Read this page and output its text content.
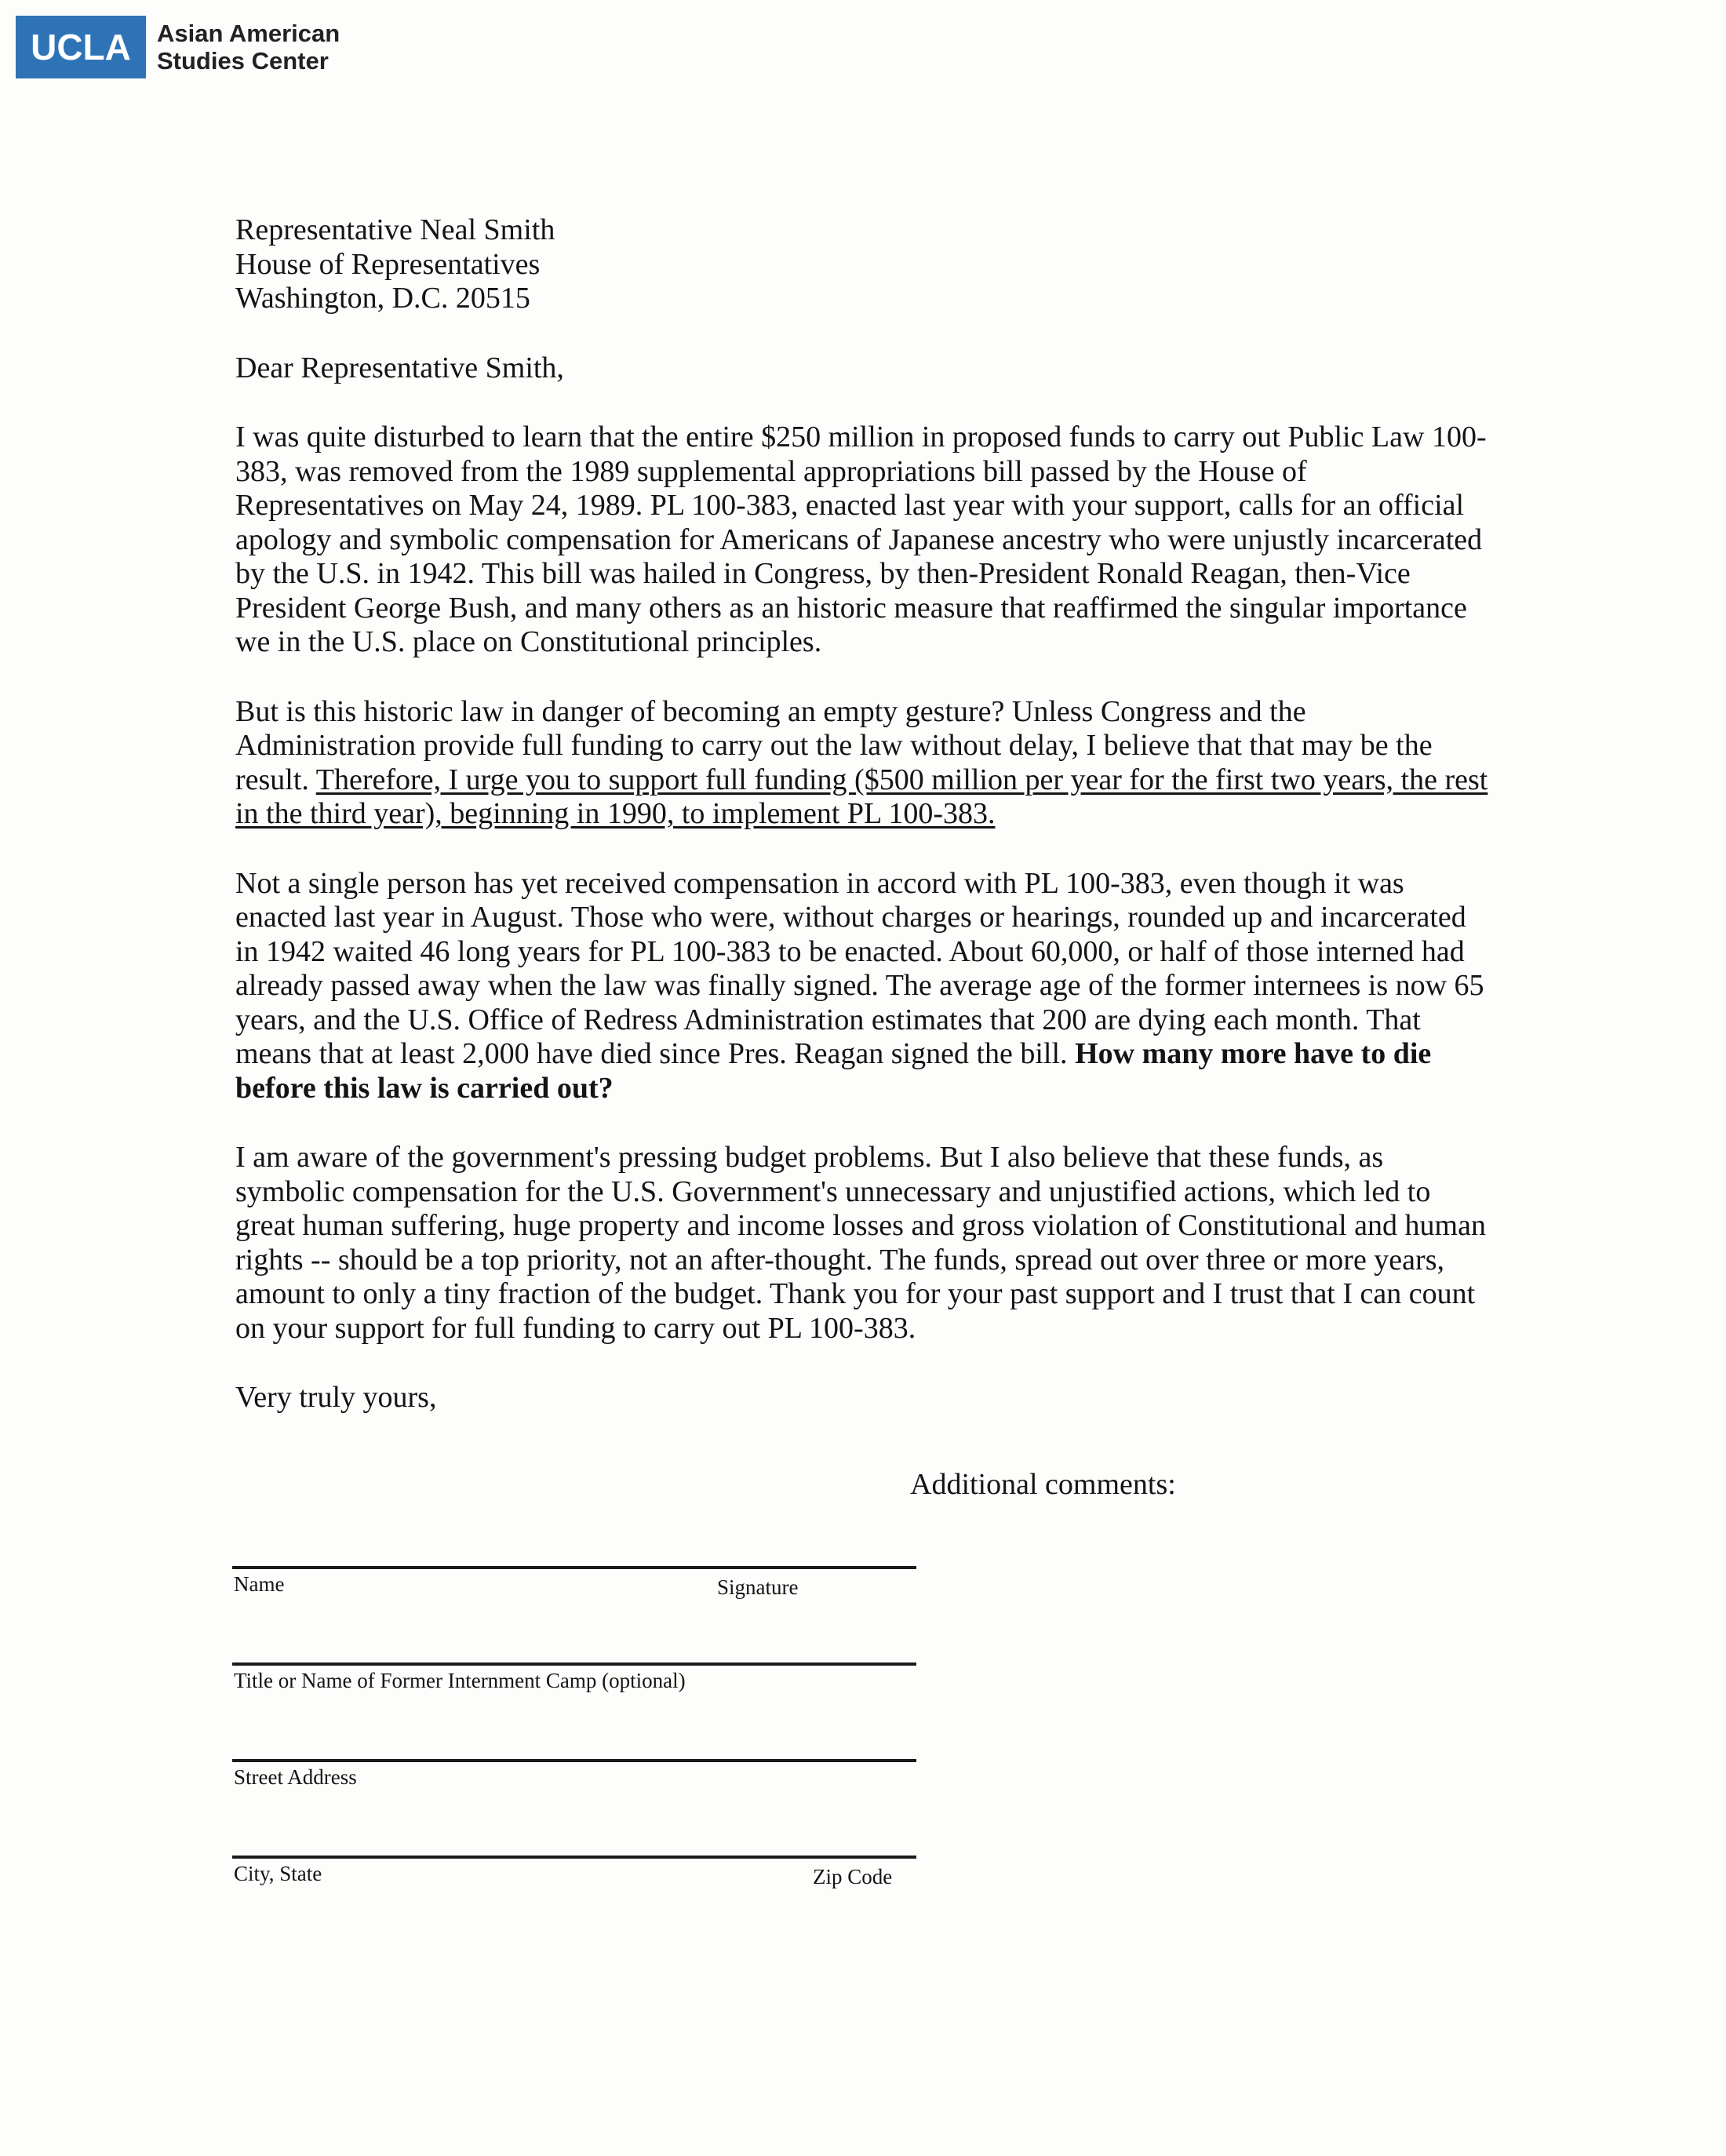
UCLA	Asian American
Studies Center
Representative Neal Smith
House of Representatives
Washington, D.C. 20515
Dear Representative Smith,
I was quite disturbed to learn that the entire $250 million in proposed funds to carry out Public Law 100-383, was removed from the 1989 supplemental appropriations bill passed by the House of Representatives on May 24, 1989. PL 100-383, enacted last year with your support, calls for an official apology and symbolic compensation for Americans of Japanese ancestry who were unjustly incarcerated by the U.S. in 1942. This bill was hailed in Congress, by then-President Ronald Reagan, then-Vice President George Bush, and many others as an historic measure that reaffirmed the singular importance we in the U.S. place on Constitutional principles.
But is this historic law in danger of becoming an empty gesture? Unless Congress and the Administration provide full funding to carry out the law without delay, I believe that that may be the result. Therefore, I urge you to support full funding ($500 million per year for the first two years, the rest in the third year), beginning in 1990, to implement PL 100-383.
Not a single person has yet received compensation in accord with PL 100-383, even though it was enacted last year in August. Those who were, without charges or hearings, rounded up and incarcerated in 1942 waited 46 long years for PL 100-383 to be enacted. About 60,000, or half of those interned had already passed away when the law was finally signed. The average age of the former internees is now 65 years, and the U.S. Office of Redress Administration estimates that 200 are dying each month. That means that at least 2,000 have died since Pres. Reagan signed the bill. How many more have to die before this law is carried out?
I am aware of the government's pressing budget problems. But I also believe that these funds, as symbolic compensation for the U.S. Government's unnecessary and unjustified actions, which led to great human suffering, huge property and income losses and gross violation of Constitutional and human rights -- should be a top priority, not an after-thought. The funds, spread out over three or more years, amount to only a tiny fraction of the budget. Thank you for your past support and I trust that I can count on your support for full funding to carry out PL 100-383.
Very truly yours,
Additional comments:
Name	Signature
Title or Name of Former Internment Camp (optional)
Street Address
City, State	Zip Code
